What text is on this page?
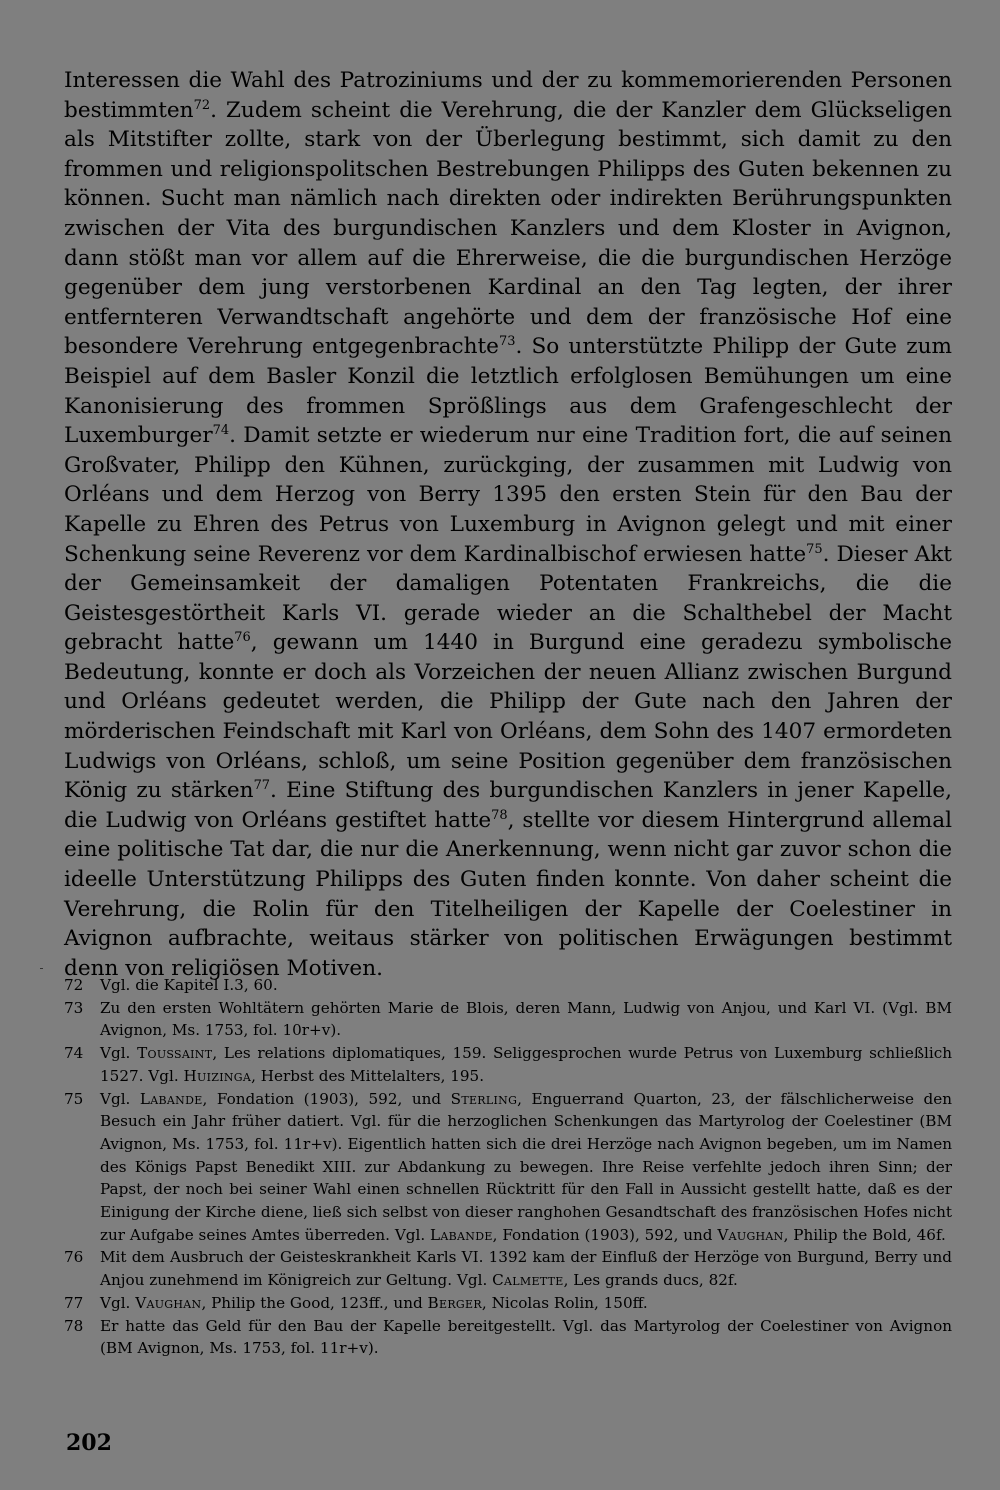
Interessen die Wahl des Patroziniums und der zu kommemorierenden Personen bestimmten$^{72}$. Zudem scheint die Verehrung, die der Kanzler dem Glückseligen als Mitstifter zollte, stark von der Überlegung bestimmt, sich damit zu den frommen und religionspolitschen Bestrebungen Philipps des Guten bekennen zu können. Sucht man nämlich nach direkten oder indirekten Berührungspunkten zwischen der Vita des burgundischen Kanzlers und dem Kloster in Avignon, dann stößt man vor allem auf die Ehrerweise, die die burgundischen Herzöge gegenüber dem jung verstorbenen Kardinal an den Tag legten, der ihrer entfernteren Verwandtschaft angehörte und dem der französische Hof eine besondere Verehrung entgegenbrachte$^{73}$. So unterstützte Philipp der Gute zum Beispiel auf dem Basler Konzil die letztlich erfolglosen Bemühungen um eine Kanonisierung des frommen Sprößlings aus dem Grafengeschlecht der Luxemburger$^{74}$. Damit setzte er wiederum nur eine Tradition fort, die auf seinen Großvater, Philipp den Kühnen, zurückging, der zusammen mit Ludwig von Orléans und dem Herzog von Berry 1395 den ersten Stein für den Bau der Kapelle zu Ehren des Petrus von Luxemburg in Avignon gelegt und mit einer Schenkung seine Reverenz vor dem Kardinalbischof erwiesen hatte$^{75}$. Dieser Akt der Gemeinsamkeit der damaligen Potentaten Frankreichs, die die Geistesgestörtheit Karls VI. gerade wieder an die Schalthebel der Macht gebracht hatte$^{76}$, gewann um 1440 in Burgund eine geradezu symbolische Bedeutung, konnte er doch als Vorzeichen der neuen Allianz zwischen Burgund und Orléans gedeutet werden, die Philipp der Gute nach den Jahren der mörderischen Feindschaft mit Karl von Orléans, dem Sohn des 1407 ermordeten Ludwigs von Orléans, schloß, um seine Position gegenüber dem französischen König zu stärken$^{77}$. Eine Stiftung des burgundischen Kanzlers in jener Kapelle, die Ludwig von Orléans gestiftet hatte$^{78}$, stellte vor diesem Hintergrund allemal eine politische Tat dar, die nur die Anerkennung, wenn nicht gar zuvor schon die ideelle Unterstützung Philipps des Guten finden konnte. Von daher scheint die Verehrung, die Rolin für den Titelheiligen der Kapelle der Coelestiner in Avignon aufbrachte, weitaus stärker von politischen Erwägungen bestimmt denn von religiösen Motiven.

72	Vgl. die Kapitel I.3, 60.
73	Zu den ersten Wohltätern gehörten Marie de Blois, deren Mann, Ludwig von Anjou, und Karl VI. (Vgl. BM Avignon, Ms. 1753, fol. 10r+v).
74	Vgl. Toussaint, Les relations diplomatiques, 159. Seliggesprochen wurde Petrus von Luxemburg schließlich 1527. Vgl. Huizinga, Herbst des Mittelalters, 195.
75	Vgl. Labande, Fondation (1903), 592, und Sterling, Enguerrand Quarton, 23, der fälschlicherweise den Besuch ein Jahr früher datiert. Vgl. für die herzoglichen Schenkungen das Martyrolog der Coelestiner (BM Avignon, Ms. 1753, fol. 11r+v). Eigentlich hatten sich die drei Herzöge nach Avignon begeben, um im Namen des Königs Papst Benedikt XIII. zur Abdankung zu bewegen. Ihre Reise verfehlte jedoch ihren Sinn; der Papst, der noch bei seiner Wahl einen schnellen Rücktritt für den Fall in Aussicht gestellt hatte, daß es der Einigung der Kirche diene, ließ sich selbst von dieser ranghohen Gesandtschaft des französischen Hofes nicht zur Aufgabe seines Amtes überreden. Vgl. Labande, Fondation (1903), 592, und Vaughan, Philip the Bold, 46f.
76	Mit dem Ausbruch der Geisteskrankheit Karls VI. 1392 kam der Einfluß der Herzöge von Burgund, Berry und Anjou zunehmend im Königreich zur Geltung. Vgl. Calmette, Les grands ducs, 82f.
77	Vgl. Vaughan, Philip the Good, 123ff., und Berger, Nicolas Rolin, 150ff.
78	Er hatte das Geld für den Bau der Kapelle bereitgestellt. Vgl. das Martyrolog der Coelestiner von Avignon (BM Avignon, Ms. 1753, fol. 11r+v).
202
